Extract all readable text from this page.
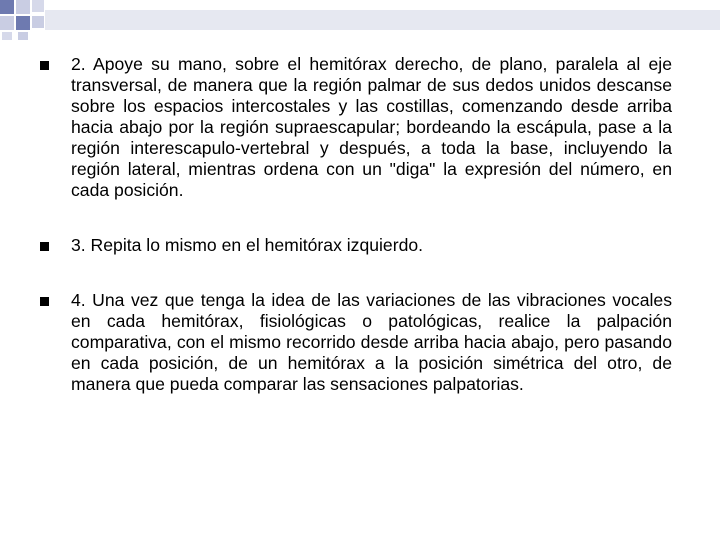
2. Apoye su mano, sobre el hemitórax derecho, de plano, paralela al eje transversal, de manera que la región palmar de sus dedos unidos descanse sobre los espacios intercostales y las costillas, comenzando desde arriba hacia abajo por la región supraescapular; bordeando la escápula, pase a la región interescapulo-vertebral y después, a toda la base, incluyendo la región lateral, mientras ordena con un "diga" la expresión del número, en cada posición.
3. Repita lo mismo en el hemitórax izquierdo.
4. Una vez que tenga la idea de las variaciones de las vibraciones vocales en cada hemitórax, fisiológicas o patológicas, realice la palpación comparativa, con el mismo recorrido desde arriba hacia abajo, pero pasando en cada posición, de un hemitórax a la posición simétrica del otro, de manera que pueda comparar las sensaciones palpatorias.
